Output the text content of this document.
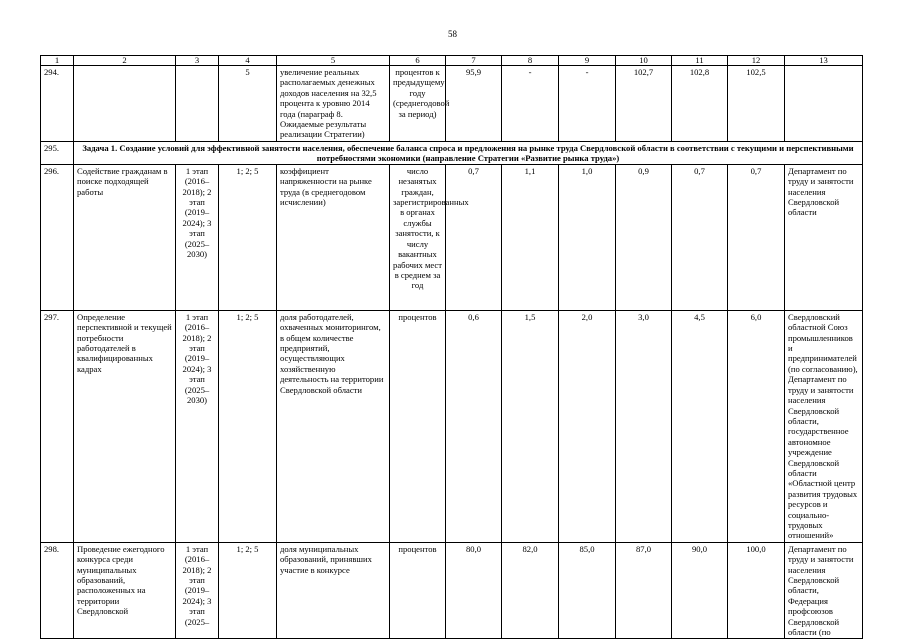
58
1	2	3	4	5	6	7	8	9	10	11	12	13
294.			5	увеличение реальных располагаемых денежных доходов населения на 32,5 процента к уровню 2014 года (параграф 8. Ожидаемые результаты реализации Стратегии)	процентов к предыдущему году (среднегодовой за период)	95,9	-	-	102,7	102,8	102,5	
295.	Задача 1. Создание условий для эффективной занятости населения, обеспечение баланса спроса и предложения на рынке труда Свердловской области в соответствии с текущими и перспективными потребностями экономики (направление Стратегии «Развитие рынка труда»)											
296.	Содействие гражданам в поиске подходящей работы	1 этап (2016–2018); 2 этап (2019–2024); 3 этап (2025–2030)	1; 2; 5	коэффициент напряженности на рынке труда (в среднегодовом исчислении)	число незанятых граждан, зарегистрированных в органах службы занятости, к числу вакантных рабочих мест в среднем за год	0,7	1,1	1,0	0,9	0,7	0,7	Департамент по труду и занятости населения Свердловской области
297.	Определение перспективной и текущей потребности работодателей в квалифицированных кадрах	1 этап (2016–2018); 2 этап (2019–2024); 3 этап (2025–2030)	1; 2; 5	доля работодателей, охваченных мониторингом, в общем количестве предприятий, осуществляющих хозяйственную деятельность на территории Свердловской области	процентов	0,6	1,5	2,0	3,0	4,5	6,0	Свердловский областной Союз промышленников и предпринимателей (по согласованию), Департамент по труду и занятости населения Свердловской области, государственное автономное учреждение Свердловской области «Областной центр развития трудовых ресурсов и социально-трудовых отношений»
298.	Проведение ежегодного конкурса среди муниципальных образований, расположенных на территории Свердловской	1 этап (2016–2018); 2 этап (2019–2024); 3 этап (2025–	1; 2; 5	доля муниципальных образований, принявших участие в конкурсе	процентов	80,0	82,0	85,0	87,0	90,0	100,0	Департамент по труду и занятости населения Свердловской области, Федерация профсоюзов Свердловской области (по
